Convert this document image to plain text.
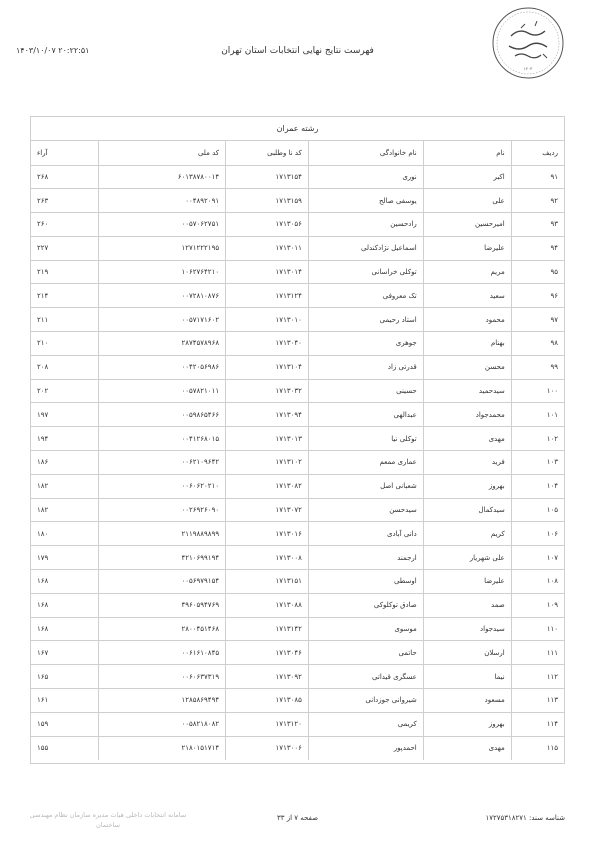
۱۴۰۳
فهرست نتایج نهایی انتخابات استان تهران
۱۴۰۳/۱۰/۰۷ ۲۰:۲۲:۵۱
رشته عمران
ردیف	نام	نام خانوادگی	کد نا وطلبی	کد ملی	آراء
۹۱	اکبر	نوری	۱۷۱۳۱۵۴	۶۰۱۳۸۷۸۰۰۱۴	۲۶۸
۹۲	علی	یوسفی صالح	۱۷۱۳۱۵۹	۰۰۴۸۹۲۰۹۱	۲۶۳
۹۳	امیرحسین	رادحسین	۱۷۱۳۰۵۶	۰۰۵۷۰۶۲۷۵۱	۲۶۰
۹۴	علیرضا	اسماعیل نژادکندلی	۱۷۱۳۰۱۱	۱۲۷۱۲۲۲۱۹۵	۲۲۷
۹۵	مریم	توکلی خراسانی	۱۷۱۳۰۱۴	۱۰۶۲۷۶۴۲۱۰	۲۱۹
۹۶	سعید	تک معروفی	۱۷۱۳۱۲۴	۰۰۷۲۸۱۰۸۷۶	۲۱۴
۹۷	محمود	استاد رحیمی	۱۷۱۳۰۱۰	۰۰۵۷۱۷۱۶۰۲	۲۱۱
۹۸	بهنام	جوهری	۱۷۱۳۰۴۰	۲۸۷۴۵۷۸۹۶۸	۲۱۰
۹۹	محسن	قدرتی زاد	۱۷۱۳۱۰۴	۰۰۴۲۰۵۶۹۸۶	۲۰۸
۱۰۰	سیدحمید	حسینی	۱۷۱۳۰۳۲	۰۰۵۷۸۲۱۰۱۱	۲۰۲
۱۰۱	محمدجواد	عبدالهی	۱۷۱۳۰۹۴	۰۰۵۹۸۶۵۴۶۶	۱۹۷
۱۰۲	مهدی	توکلی نیا	۱۷۱۳۰۱۳	۰۰۴۱۲۶۸۰۱۵	۱۹۴
۱۰۳	فرید	عماری ممعم	۱۷۱۳۱۰۲	۰۰۶۲۱۰۹۶۴۲	۱۸۶
۱۰۴	بهروز	شعبانی اصل	۱۷۱۳۰۸۲	۰۰۶۰۶۲۰۲۱۰	۱۸۲
۱۰۵	سیدکمال	سیدحسن	۱۷۱۳۰۷۲	۰۰۲۶۹۲۶۰۹۰	۱۸۲
۱۰۶	کریم	دانی آبادی	۱۷۱۳۰۱۶	۲۱۱۹۸۸۹۸۹۹	۱۸۰
۱۰۷	علی شهریار	ارجمند	۱۷۱۳۰۰۸	۴۲۱۰۶۹۹۱۹۴	۱۷۹
۱۰۸	علیرضا	اوسطی	۱۷۱۳۱۵۱	۰۰۵۶۹۷۹۱۵۴	۱۶۸
۱۰۹	صمد	صادق توکلوکی	۱۷۱۳۰۸۸	۴۹۶۰۵۹۴۷۶۹	۱۶۸
۱۱۰	سیدجواد	موسوی	۱۷۱۳۱۴۲	۲۸۰۰۴۵۱۴۶۸	۱۶۸
۱۱۱	ارسلان	حاتمی	۱۷۱۳۰۴۶	۰۰۶۱۶۱۰۸۴۵	۱۶۷
۱۱۲	نیما	عسگری قیداتی	۱۷۱۳۰۹۲	۰۰۶۰۶۳۷۳۱۹	۱۶۵
۱۱۳	مسعود	شیروانی جوزدانی	۱۷۱۳۰۸۵	۱۲۸۵۸۶۹۴۹۴	۱۶۱
۱۱۴	بهروز	کریمی	۱۷۱۳۱۲۰	۰۰۵۸۲۱۸۰۸۲	۱۵۹
۱۱۵	مهدی	احمدپور	۱۷۱۳۰۰۶	۲۱۸۰۱۵۱۷۱۴	۱۵۵
شناسه سند: ۱۷۲۷۵۳۱۸۲۷۱
صفحه ۷ از ۳۳
سامانه انتخابات داخلی هیات مدیره سازمان نظام مهندسی ساختمان
